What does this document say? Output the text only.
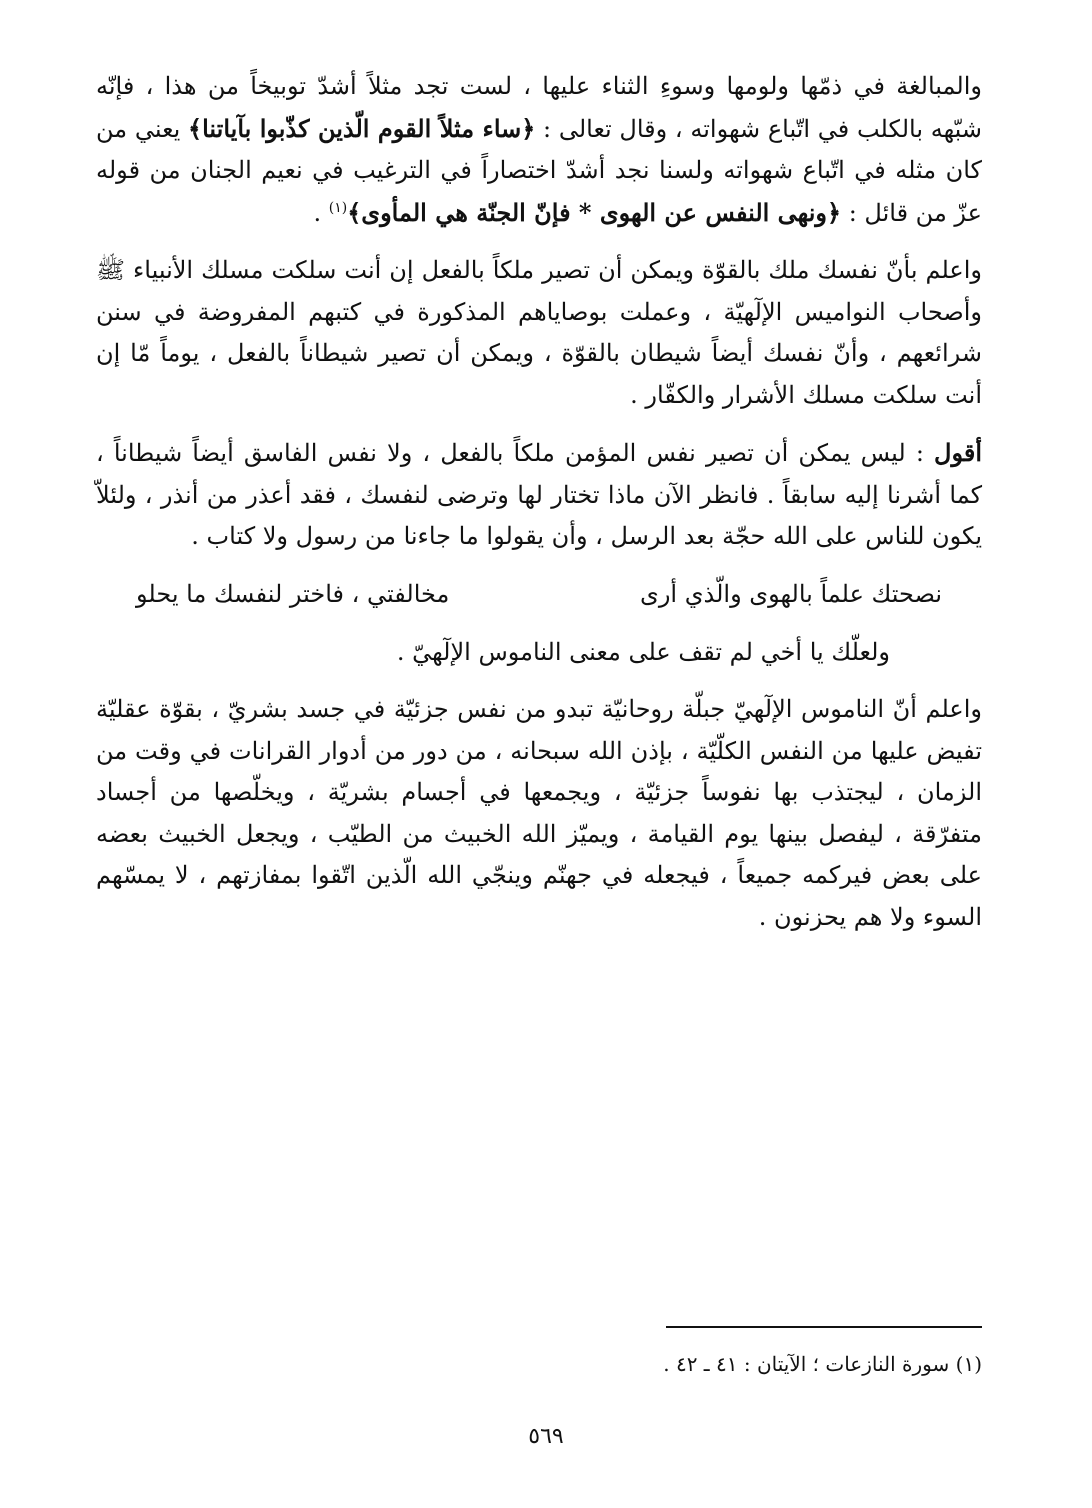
والمبالغة في ذمّها ولومها وسوءِ الثناء عليها ، لست تجد مثلاً أشدّ توبيخاً من هذا ، فإنّه شبّهه بالكلب في اتّباع شهواته ، وقال تعالى : ﴿ساء مثلاً القوم الّذين كذّبوا بآياتنا﴾ يعني من كان مثله في اتّباع شهواته ولسنا نجد أشدّ اختصاراً في الترغيب في نعيم الجنان من قوله عزّ من قائل : ﴿ونهى النفس عن الهوى * فإنّ الجنّة هي المأوى﴾$^{(١)}$ .

واعلم بأنّ نفسك ملك بالقوّة ويمكن أن تصير ملكاً بالفعل إن أنت سلكت مسلك الأنبياء ﷺ وأصحاب النواميس الإلٓهيّة ، وعملت بوصاياهم المذكورة في كتبهم المفروضة في سنن شرائعهم ، وأنّ نفسك أيضاً شيطان بالقوّة ، ويمكن أن تصير شيطاناً بالفعل ، يوماً مّا إن أنت سلكت مسلك الأشرار والكفّار .

أقول : ليس يمكن أن تصير نفس المؤمن ملكاً بالفعل ، ولا نفس الفاسق أيضاً شيطاناً ، كما أشرنا إليه سابقاً . فانظر الآن ماذا تختار لها وترضى لنفسك ، فقد أعذر من أنذر ، ولئلاّ يكون للناس على الله حجّة بعد الرسل ، وأن يقولوا ما جاءنا من رسول ولا كتاب .

نصحتك علماً بالهوى والّذي أرى
مخالفتي ، فاختر لنفسك ما يحلو
ولعلّك يا أخي لم تقف على معنى الناموس الإلٓهيّ .

واعلم أنّ الناموس الإلٓهيّ جبلّة روحانيّة تبدو من نفس جزئيّة في جسد بشريّ ، بقوّة عقليّة تفيض عليها من النفس الكلّيّة ، بإذن الله سبحانه ، من دور من أدوار القرانات في وقت من الزمان ، ليجتذب بها نفوساً جزئيّة ، ويجمعها في أجسام بشريّة ، ويخلّصها من أجساد متفرّقة ، ليفصل بينها يوم القيامة ، ويميّز الله الخبيث من الطيّب ، ويجعل الخبيث بعضه على بعض فيركمه جميعاً ، فيجعله في جهنّم وينجّي الله الّذين اتّقوا بمفازتهم ، لا يمسّهم السوء ولا هم يحزنون .

(١) سورة النازعات ؛ الآيتان : ٤١ ـ ٤٢ .
٥٦٩
